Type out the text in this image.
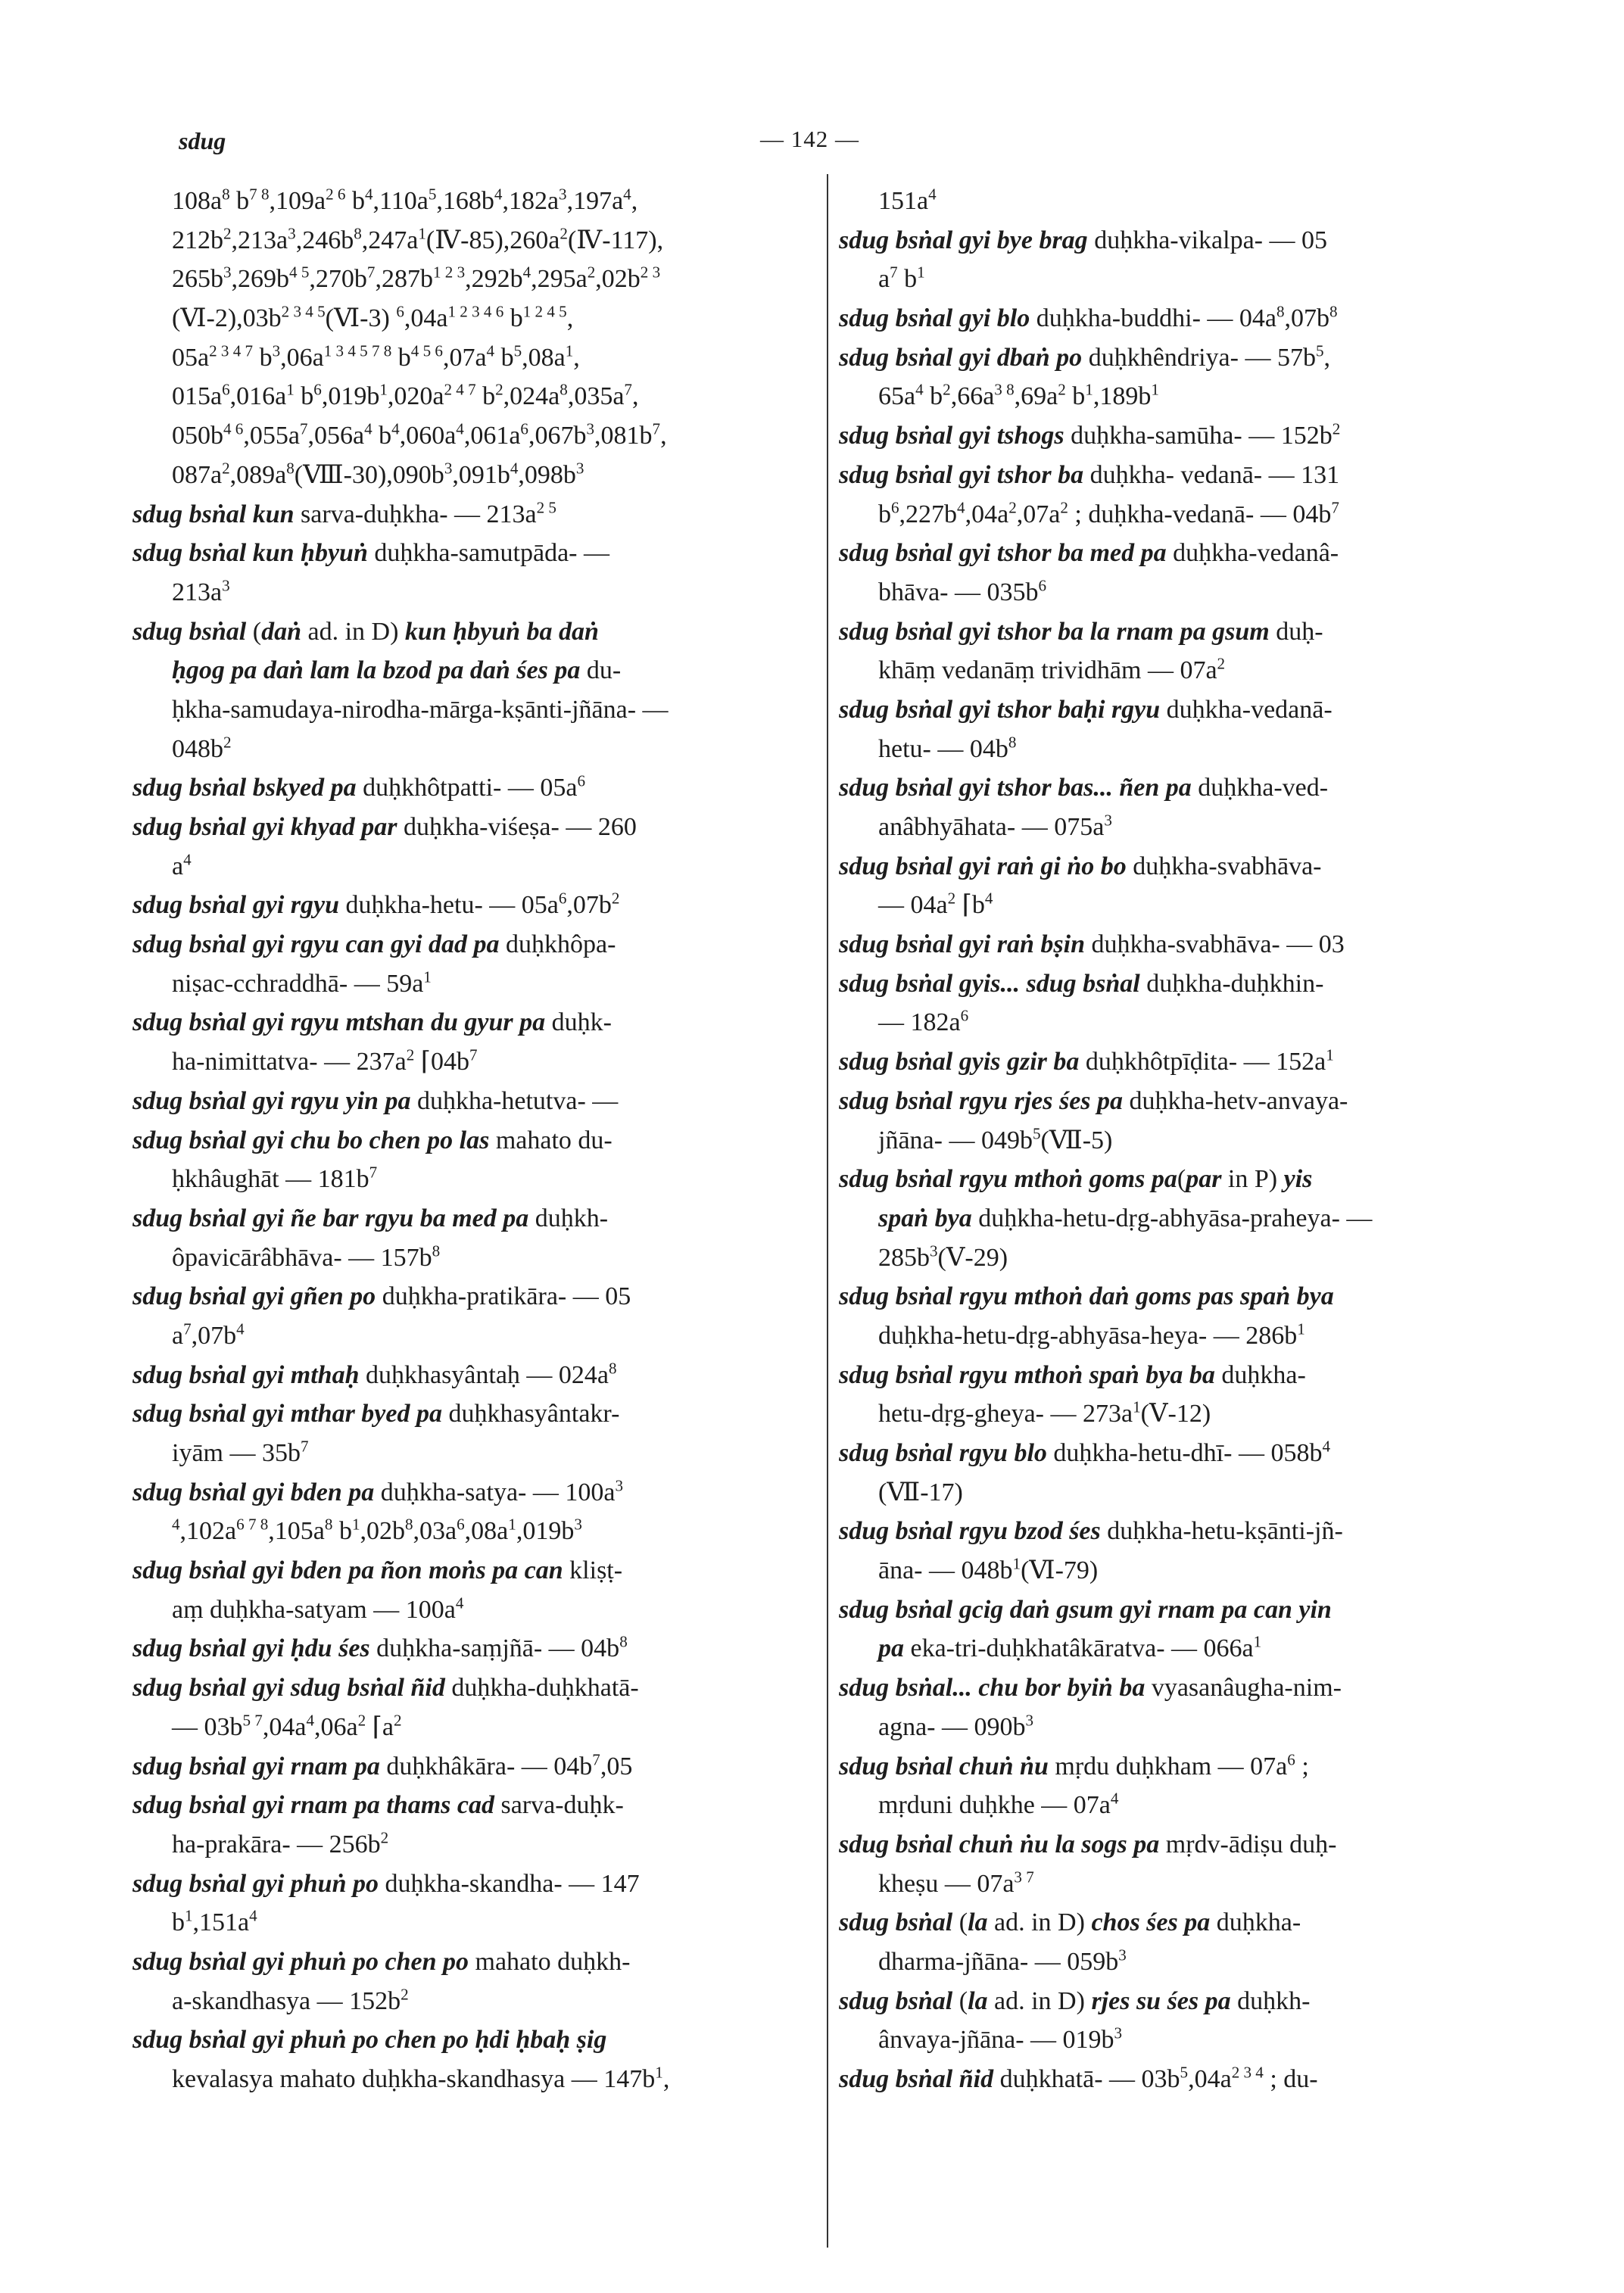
sdug	— 142 —
$108a^8$ $b^{7 8},109a^{2 6}$ $b^4,110a^5,168b^4,182a^3,197a^4$,
$212b^2,213a^3,246b^8,247a^1(Ⅳ-85),260a^2(Ⅳ-117)$,
$265b^3,269b^{4 5},270b^7,287b^{1 2 3},292b^4,295a^2,02b^{2 3}$
$(Ⅵ-2),03b^{2 3 4 5}(Ⅵ-3)$ $^6,04a^{1 2 3 4 6}$ $b^{1 2 4 5}$,
$05a^{2 3 4 7}$ $b^3,06a^{1 3 4 5 7 8}$ $b^{4 5 6},07a^4$ $b^5,08a^1$,
$015a^6,016a^1$ $b^6,019b^1,020a^{2 4 7}$ $b^2,024a^8,035a^7$,
$050b^{4 6},055a^7,056a^4$ $b^4,060a^4,061a^6,067b^3,081b^7$,
$087a^2,089a^8(Ⅷ-30),090b^3,091b^4,098b^3$
sdug bsṅal kun sarva-duḥkha- — $213a^{2 5}$
sdug bsṅal kun ḥbyuṅ duḥkha-samutpāda- —
$213a^3$
sdug bsṅal (daṅ ad. in D) kun ḥbyuṅ ba daṅ
ḥgog pa daṅ lam la bzod pa daṅ śes pa du-
ḥkha-samudaya-nirodha-mārga-kṣānti-jñāna- —
$048b^2$
sdug bsṅal bskyed pa duḥkhôtpatti- — $05a^6$
sdug bsṅal gyi khyad par duḥkha-viśeṣa- — 260
$a^4$
sdug bsṅal gyi rgyu duḥkha-hetu- — $05a^6,07b^2$
sdug bsṅal gyi rgyu can gyi dad pa duḥkhôpa-
niṣac-cchraddhā- — $59a^1$
sdug bsṅal gyi rgyu mtshan du gyur pa duḥk-
ha-nimittatva- — $237a^2$ $⌈04b^7$
sdug bsṅal gyi rgyu yin pa duḥkha-hetutva- —
sdug bsṅal gyi chu bo chen po las mahato du-
ḥkhâughāt — $181b^7$
sdug bsṅal gyi ñe bar rgyu ba med pa duḥkh-
ôpavicārâbhāva- — $157b^8$
sdug bsṅal gyi gñen po duḥkha-pratikāra- — 05
$a^7,07b^4$
sdug bsṅal gyi mthaḥ duḥkhasyântaḥ — $024a^8$
sdug bsṅal gyi mthar byed pa duḥkhasyântakr-
iyām — $35b^7$
sdug bsṅal gyi bden pa duḥkha-satya- — $100a^3$
$^4,102a^{6 7 8},105a^8$ $b^1,02b^8,03a^6,08a^1,019b^3$
sdug bsṅal gyi bden pa ñon moṅs pa can kliṣṭ-
aṃ duḥkha-satyam — $100a^4$
sdug bsṅal gyi ḥdu śes duḥkha-saṃjñā- — $04b^8$
sdug bsṅal gyi sdug bsṅal ñid duḥkha-duḥkhatā-
— $03b^{5 7},04a^4,06a^2$ $⌈a^2$
sdug bsṅal gyi rnam pa duḥkhâkāra- — $04b^7,05$
sdug bsṅal gyi rnam pa thams cad sarva-duḥk-
ha-prakāra- — $256b^2$
sdug bsṅal gyi phuṅ po duḥkha-skandha- — 147
$b^1,151a^4$
sdug bsṅal gyi phuṅ po chen po mahato duḥkh-
a-skandhasya — $152b^2$
sdug bsṅal gyi phuṅ po chen po ḥdi ḥbaḥ ṣig
kevalasya mahato duḥkha-skandhasya — $147b^1$,
$151a^4$
sdug bsṅal gyi bye brag duḥkha-vikalpa- — 05
$a^7$ $b^1$
sdug bsṅal gyi blo duḥkha-buddhi- — $04a^8,07b^8$
sdug bsṅal gyi dbaṅ po duḥkhêndriya- — $57b^5$,
$65a^4$ $b^2,66a^{3 8},69a^2$ $b^1,189b^1$
sdug bsṅal gyi tshogs duḥkha-samūha- — $152b^2$
sdug bsṅal gyi tshor ba duḥkha- vedanā- — 131
$b^6,227b^4,04a^2,07a^2$ ; duḥkha-vedanā- — $04b^7$
sdug bsṅal gyi tshor ba med pa duḥkha-vedanâ-
bhāva- — $035b^6$
sdug bsṅal gyi tshor ba la rnam pa gsum duḥ-
khāṃ vedanāṃ trividhām — $07a^2$
sdug bsṅal gyi tshor baḥi rgyu duḥkha-vedanā-
hetu- — $04b^8$
sdug bsṅal gyi tshor bas... ñen pa duḥkha-ved-
anâbhyāhata- — $075a^3$
sdug bsṅal gyi raṅ gi ṅo bo duḥkha-svabhāva-
— $04a^2$ $⌈b^4$
sdug bsṅal gyi raṅ bṣin duḥkha-svabhāva- — 03
sdug bsṅal gyis... sdug bsṅal duḥkha-duḥkhin-
— $182a^6$
sdug bsṅal gyis gzir ba duḥkhôtpīḍita- — $152a^1$
sdug bsṅal rgyu rjes śes pa duḥkha-hetv-anvaya-
jñāna- — $049b^5(Ⅶ-5)$
sdug bsṅal rgyu mthoṅ goms pa(par in P) yis
spaṅ bya duḥkha-hetu-dṛg-abhyāsa-praheya- —
$285b^3(Ⅴ-29)$
sdug bsṅal rgyu mthoṅ daṅ goms pas spaṅ bya
duḥkha-hetu-dṛg-abhyāsa-heya- — $286b^1$
sdug bsṅal rgyu mthoṅ spaṅ bya ba duḥkha-
hetu-dṛg-gheya- — $273a^1(Ⅴ-12)$
sdug bsṅal rgyu blo duḥkha-hetu-dhī- — $058b^4$
(Ⅶ-17)
sdug bsṅal rgyu bzod śes duḥkha-hetu-kṣānti-jñ-
āna- — $048b^1(Ⅵ-79)$
sdug bsṅal gcig daṅ gsum gyi rnam pa can yin
pa eka-tri-duḥkhatâkāratva- — $066a^1$
sdug bsṅal... chu bor byiṅ ba vyasanâugha-nim-
agna- — $090b^3$
sdug bsṅal chuṅ ṅu mṛdu duḥkham — $07a^6$ ;
mṛduni duḥkhe — $07a^4$
sdug bsṅal chuṅ ṅu la sogs pa mṛdv-ādiṣu duḥ-
kheṣu — $07a^{3 7}$
sdug bsṅal (la ad. in D) chos śes pa duḥkha-
dharma-jñāna- — $059b^3$
sdug bsṅal (la ad. in D) rjes su śes pa duḥkh-
ânvaya-jñāna- — $019b^3$
sdug bsṅal ñid duḥkhatā- — $03b^5,04a^{2 3 4}$ ; du-
